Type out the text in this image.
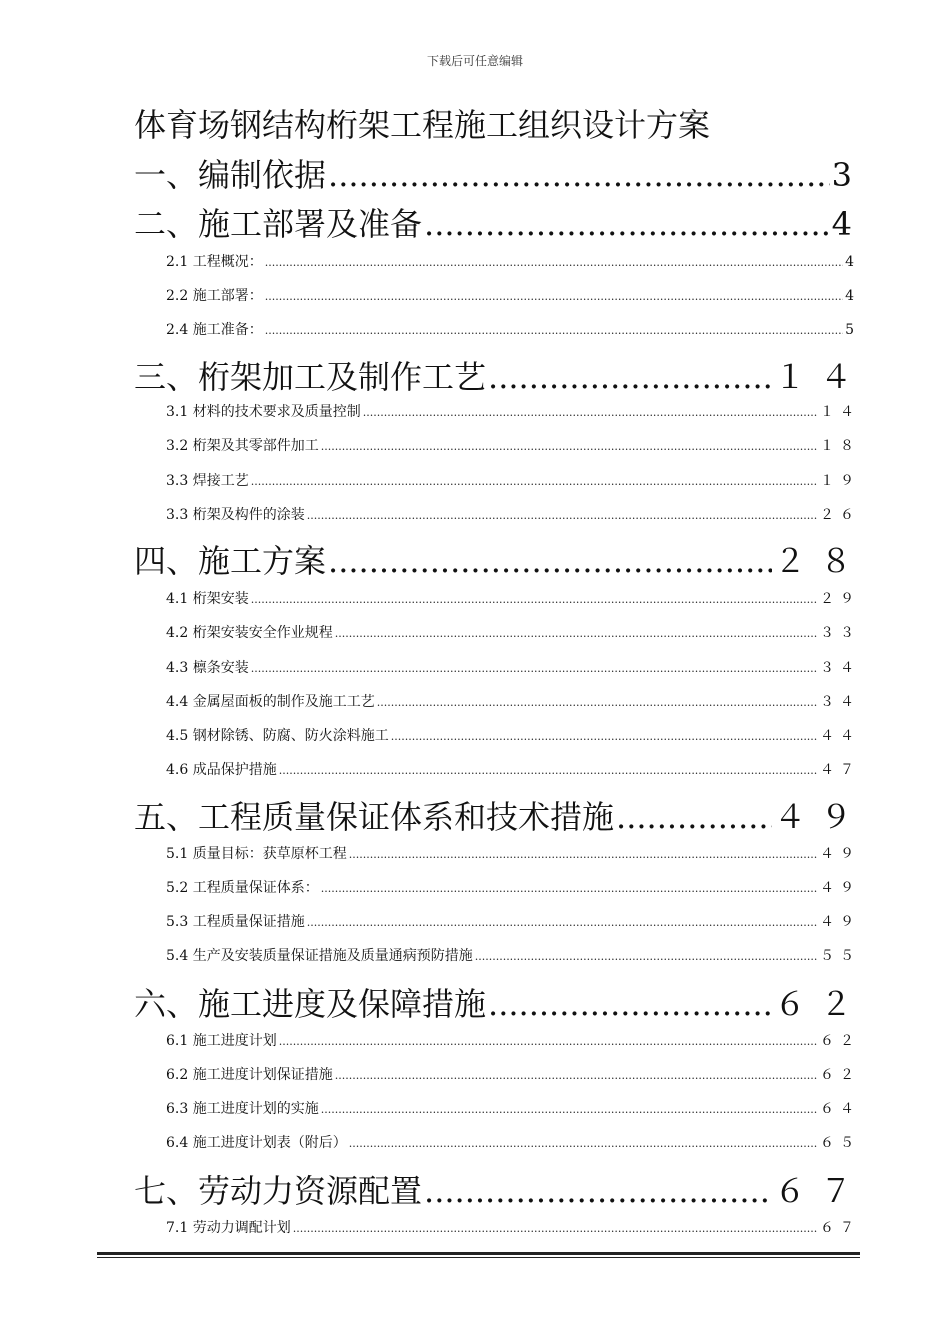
下载后可任意编辑
体育场钢结构桁架工程施工组织设计方案
一、编制依据 .....	3
二、施工部署及准备 .....	4
2.1 工程概况： .....	4
2.2 施工部署： .....	4
2.4 施工准备： .....	5
三、桁架加工及制作工艺 .....	１４
3.1 材料的技术要求及质量控制 .....	１４
3.2 桁架及其零部件加工 .....	１８
3.3 焊接工艺 .....	１９
3.3 桁架及构件的涂装 .....	２６
四、施工方案 .....	２８
4.1 桁架安装 .....	２９
4.2 桁架安装安全作业规程 .....	３３
4.3 檩条安装 .....	３４
4.4 金属屋面板的制作及施工工艺 .....	３４
4.5 钢材除锈、防腐、防火涂料施工 .....	４４
4.6 成品保护措施 .....	４７
五、工程质量保证体系和技术措施 .....	４９
5.1 质量目标：获草原杯工程 .....	４９
5.2 工程质量保证体系： .....	４９
5.3 工程质量保证措施 .....	４９
5.4 生产及安装质量保证措施及质量通病预防措施 .....	５５
六、施工进度及保障措施 .....	６２
6.1 施工进度计划 .....	６２
6.2 施工进度计划保证措施 .....	６２
6.3 施工进度计划的实施 .....	６４
6.4 施工进度计划表（附后） .....	６５
七、劳动力资源配置 .....	６７
7.1 劳动力调配计划 .....	６７
